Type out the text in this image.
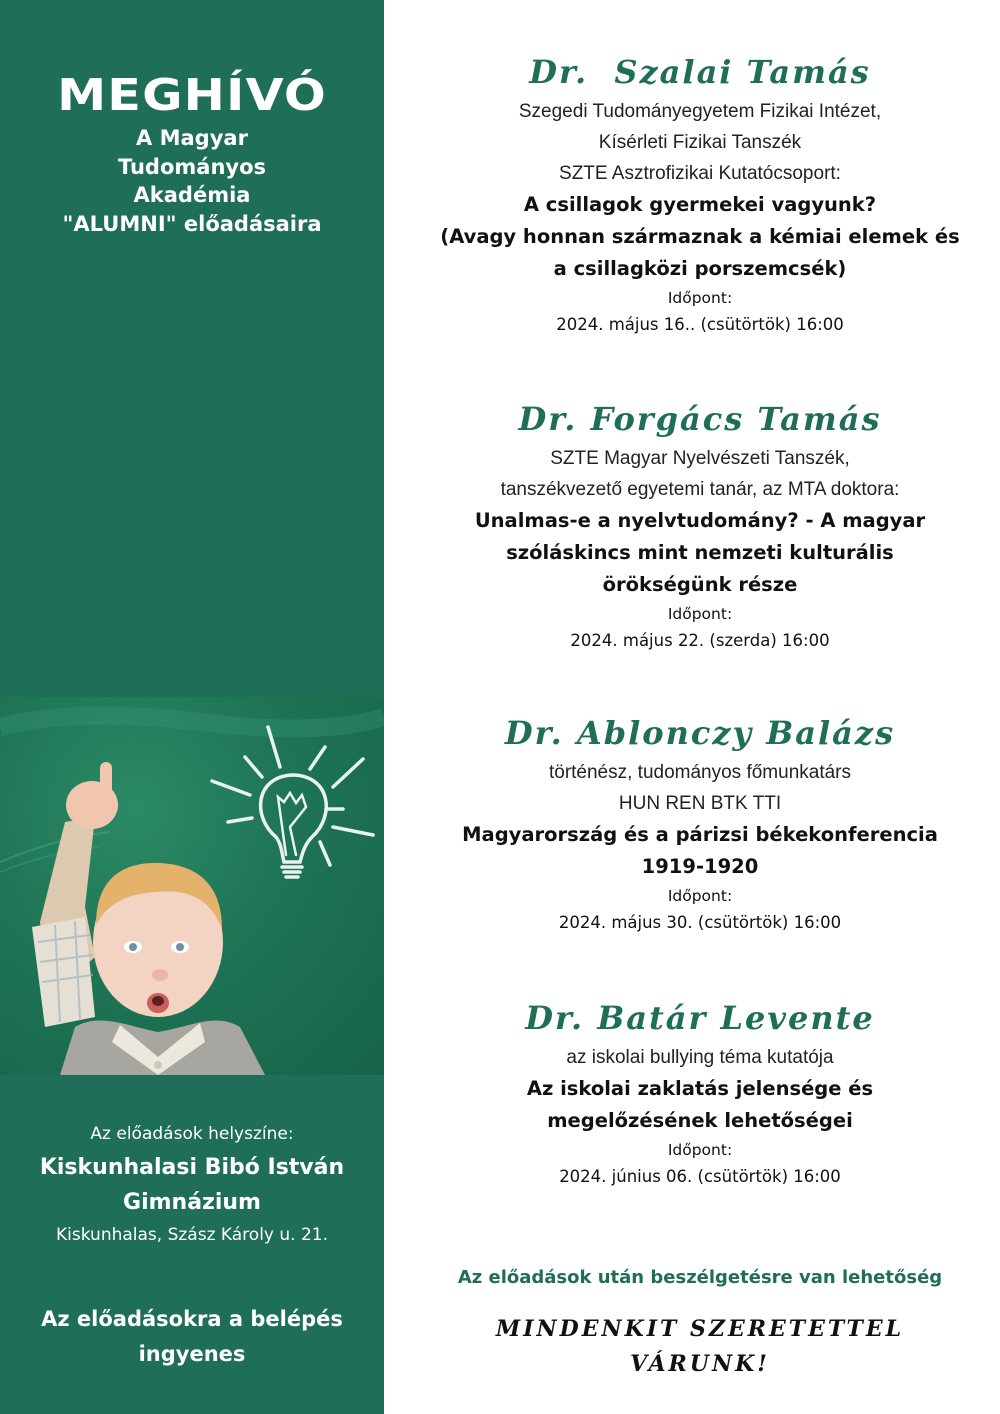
MEGHÍVÓ
A Magyar
Tudományos
Akadémia
"ALUMNI" előadásaira
Az előadások helyszíne:
Kiskunhalasi Bibó István
Gimnázium
Kiskunhalas, Szász Károly u. 21.
Az előadásokra a belépés
ingyenes
Dr.  Szalai Tamás
Szegedi Tudományegyetem Fizikai Intézet,
Kísérleti Fizikai Tanszék
SZTE Asztrofizikai Kutatócsoport:
A csillagok gyermekei vagyunk?
(Avagy honnan származnak a kémiai elemek és
a csillagközi porszemcsék)
Időpont:
2024. május 16.. (csütörtök) 16:00
Dr. Forgács Tamás
SZTE Magyar Nyelvészeti Tanszék,
tanszékvezető egyetemi tanár, az MTA doktora:
Unalmas-e a nyelvtudomány? - A magyar
szóláskincs mint nemzeti kulturális
örökségünk része
Időpont:
2024. május 22. (szerda) 16:00
Dr. Ablonczy Balázs
történész, tudományos főmunkatárs
HUN REN BTK TTI
Magyarország és a párizsi békekonferencia
1919-1920
Időpont:
2024. május 30. (csütörtök) 16:00
Dr. Batár Levente
az iskolai bullying téma kutatója
Az iskolai zaklatás jelensége és
megelőzésének lehetőségei
Időpont:
2024. június 06. (csütörtök) 16:00
Az előadások után beszélgetésre van lehetőség
MINDENKIT SZERETETTEL
VÁRUNK!
